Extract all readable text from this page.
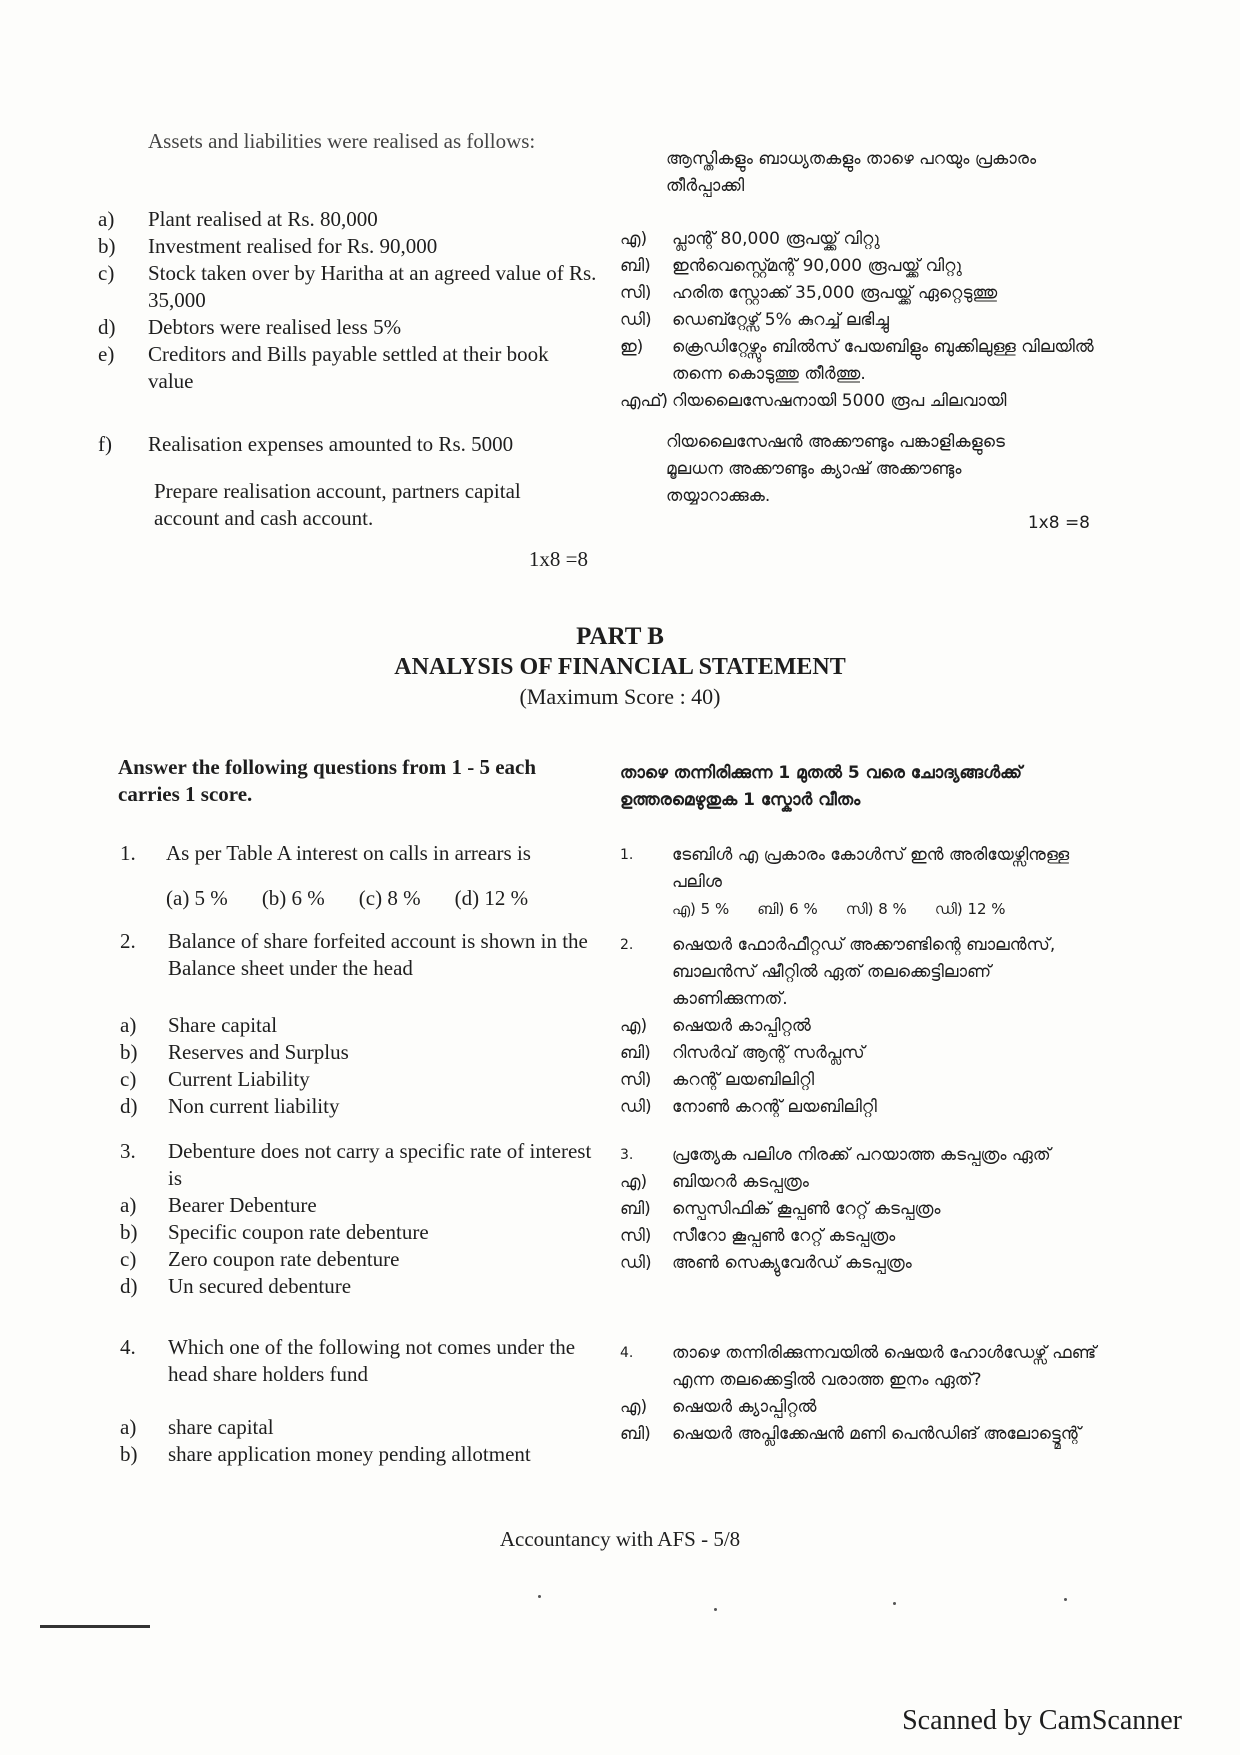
Assets and liabilities were realised as follows:
a)	Plant realised at Rs. 80,000
b)	Investment realised for Rs. 90,000
c)	Stock taken over by Haritha at an agreed value of Rs. 35,000
d)	Debtors were realised less 5%
e)	Creditors and Bills payable settled at their book value
f)	Realisation expenses amounted to Rs. 5000
Prepare realisation account, partners capital account and cash account.
1x8 =8
ആസ്തികളും ബാധ്യതകളും താഴെ പറയും പ്രകാരം തീർപ്പാക്കി
എ)	പ്ലാന്റ് 80,000 രൂപയ്ക്ക് വിറ്റു
ബി)	ഇൻവെസ്റ്റ്മെന്റ് 90,000 രൂപയ്ക്ക് വിറ്റു
സി)	ഹരിത സ്റ്റോക്ക് 35,000 രൂപയ്ക്ക് ഏറ്റെടുത്തു
ഡി)	ഡെബ്റ്റേഴ്സ് 5% കുറച്ച് ലഭിച്ചു
ഇ)	ക്രെഡിറ്റേഴ്സും ബിൽസ് പേയബിളും ബുക്കിലുള്ള വിലയിൽ തന്നെ കൊടുത്തു തീർത്തു.
എഫ്) റിയലൈസേഷനായി 5000 രൂപ ചിലവായി
റിയലൈസേഷൻ അക്കൗണ്ടും പങ്കാളികളുടെ മൂലധന അക്കൗണ്ടും ക്യാഷ് അക്കൗണ്ടും തയ്യാറാക്കുക.
1x8 =8
PART B
ANALYSIS OF FINANCIAL STATEMENT
(Maximum Score : 40)
Answer the following questions from 1 - 5 each carries 1 score.
താഴെ തന്നിരിക്കുന്ന 1 മുതൽ 5 വരെ ചോദ്യങ്ങൾക്ക് ഉത്തരമെഴുതുക 1 സ്കോർ വീതം
1.	As per Table A interest on calls in arrears is
(a) 5 % (b) 6 % (c) 8 % (d) 12 %
1.	ടേബിൾ എ പ്രകാരം കോൾസ് ഇൻ അരിയേഴ്സിനുള്ള പലിശ
എ) 5 % ബി) 6 % സി) 8 % ഡി) 12 %
2.	Balance of share forfeited account is shown in the Balance sheet under the head
a)	Share capital
b)	Reserves and Surplus
c)	Current Liability
d)	Non current liability
2.	ഷെയർ ഫോർഫീറ്റഡ് അക്കൗണ്ടിന്റെ ബാലൻസ്, ബാലൻസ് ഷീറ്റിൽ ഏത് തലക്കെട്ടിലാണ് കാണിക്കുന്നത്.
എ)	ഷെയർ കാപ്പിറ്റൽ
ബി)	റിസർവ് ആന്റ് സർപ്ലസ്
സി)	കറന്റ് ലയബിലിറ്റി
ഡി)	നോൺ കറന്റ് ലയബിലിറ്റി
3.	Debenture does not carry a specific rate of interest is
a)	Bearer Debenture
b)	Specific coupon rate debenture
c)	Zero coupon rate debenture
d)	Un secured debenture
3.	പ്രത്യേക പലിശ നിരക്ക് പറയാത്ത കടപ്പത്രം ഏത്
എ)	ബിയറർ കടപ്പത്രം
ബി)	സ്പെസിഫിക് കൂപ്പൺ റേറ്റ് കടപ്പത്രം
സി)	സീറോ കൂപ്പൺ റേറ്റ് കടപ്പത്രം
ഡി)	അൺ സെക്യുവേർഡ് കടപ്പത്രം
4.	Which one of the following not comes under the head share holders fund
a)	share capital
b)	share application money pending allotment
4.	താഴെ തന്നിരിക്കുന്നവയിൽ ഷെയർ ഹോൾഡേഴ്സ് ഫണ്ട് എന്ന തലക്കെട്ടിൽ വരാത്ത ഇനം ഏത്?
എ)	ഷെയർ ക്യാപ്പിറ്റൽ
ബി)	ഷെയർ അപ്ലിക്കേഷൻ മണി പെൻഡിങ് അലോട്ട്മെന്റ്
Accountancy with AFS - 5/8
Scanned by CamScanner
